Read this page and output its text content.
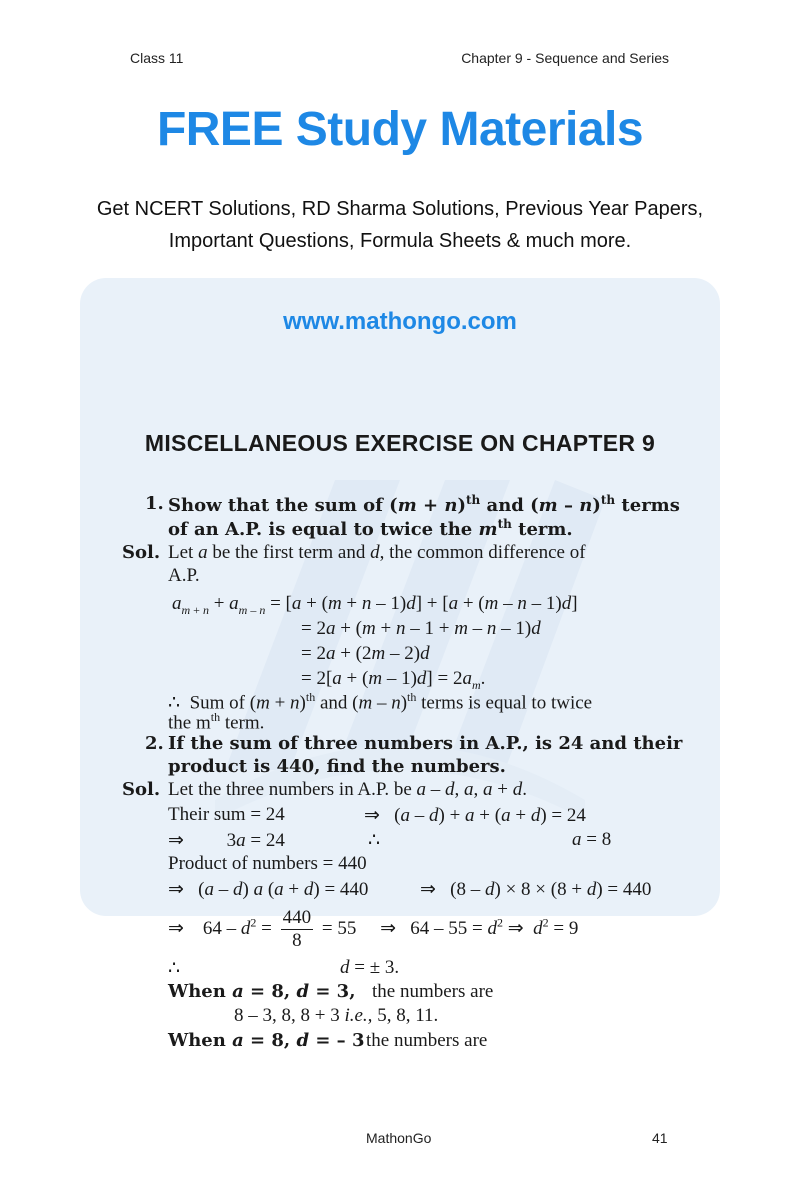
Class 11	Chapter 9 - Sequence and Series
FREE Study Materials
Get NCERT Solutions, RD Sharma Solutions, Previous Year Papers,
Important Questions, Formula Sheets & much more.
www.mathongo.com
MISCELLANEOUS EXERCISE ON CHAPTER 9
1. Show that the sum of $(m + n)^{th}$ and (m – n)$^{th}$ terms
of an A.P. is equal to twice the $m^{th}$ term.
Sol. Let a be the first term and d, the common difference of
A.P.
$a_{m + n} + a_{m - n} = [a + (m + n - 1)d] + [a + (m - n - 1)d]$
= 2a + (m + n – 1 + m – n – 1)d
= 2a + (2m – 2)d
= $2[a + (m - 1)d] = 2a_m$.
∴  Sum of $(m + n)^{th}$ and (m – n)$^{th}$ terms is equal to twice
the $m^{th}$ term.
2. If the sum of three numbers in A.P., is 24 and their
product is 440, find the numbers.
Sol. Let the three numbers in A.P. be a – d, a, a + d.
Their sum = 24	⇒   (a – d) + a + (a + d) = 24
⇒         3a = 24	∴	a = 8
Product of numbers = 440
⇒   (a – d) a (a + d) = 440	⇒   (8 – d) × 8 × (8 + d) = 440
⇒    $64 - d^2 = \frac{440}{8} = 55$     ⇒   $64 - 55 = d^2$ ⇒  $d^2 = 9$
∴	d = ± 3.
When a = 8, d = 3, the numbers are
8 – 3, 8, 8 + 3 i.e., 5, 8, 11.
When a = 8, d = – 3 the numbers are
MathonGo	41
